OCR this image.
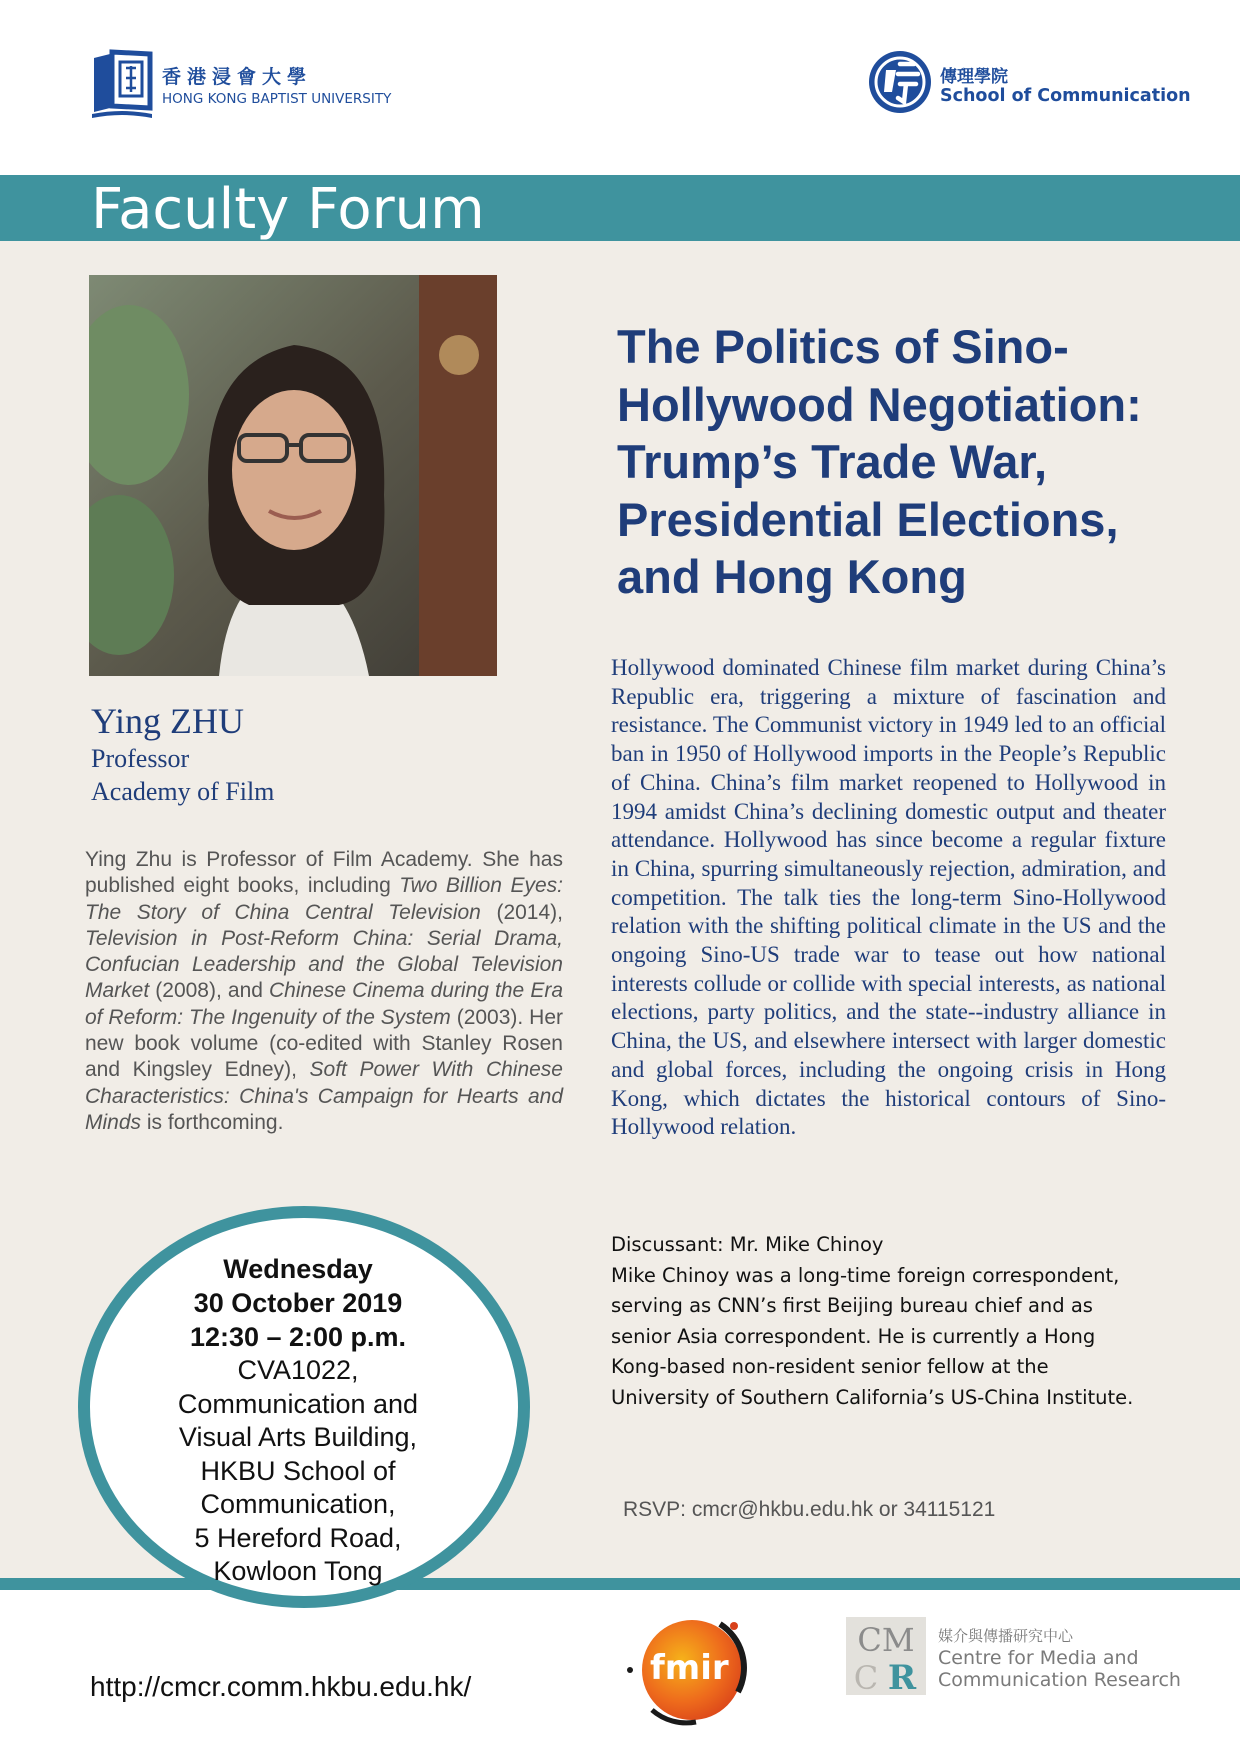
香港浸會大學
HONG KONG BAPTIST UNIVERSITY
傳理學院
School of Communication
Faculty Forum
Ying ZHU
Professor
Academy of Film

Ying Zhu is Professor of Film Academy. She has published eight books, including Two Billion Eyes: The Story of China Central Television (2014), Television in Post-Reform China: Serial Drama, Confucian Leadership and the Global Television Market (2008), and Chinese Cinema during the Era of Reform: The Ingenuity of the System (2003). Her new book volume (co-edited with Stanley Rosen and Kingsley Edney), Soft Power With Chinese Characteristics: China's Campaign for Hearts and Minds is forthcoming.

Wednesday
30 October 2019
12:30 – 2:00 p.m.
CVA1022,
Communication and
Visual Arts Building,
HKBU School of
Communication,
5 Hereford Road,
Kowloon Tong
The Politics of Sino-Hollywood Negotiation: Trump’s Trade War, Presidential Elections, and Hong Kong

Hollywood dominated Chinese film market during China’s Republic era, triggering a mixture of fascination and resistance. The Communist victory in 1949 led to an official ban in 1950 of Hollywood imports in the People’s Republic of China. China’s film market reopened to Hollywood in 1994 amidst China’s declining domestic output and theater attendance. Hollywood has since become a regular fixture in China, spurring simultaneously rejection, admiration, and competition. The talk ties the long-term Sino-Hollywood relation with the shifting political climate in the US and the ongoing Sino-US trade war to tease out how national interests collude or collide with special interests, as national elections, party politics, and the state--industry alliance in China, the US, and elsewhere intersect with larger domestic and global forces, including the ongoing crisis in Hong Kong, which dictates the historical contours of Sino-Hollywood relation.

Discussant: Mr. Mike Chinoy
Mike Chinoy was a long-time foreign correspondent,
serving as CNN’s first Beijing bureau chief and as
senior Asia correspondent. He is currently a Hong
Kong-based non-resident senior fellow at the
University of Southern California’s US-China Institute.
RSVP: cmcr@hkbu.edu.hk or 34115121
http://cmcr.comm.hkbu.edu.hk/	fmir
CM
C R
媒介與傳播研究中心
Centre for Media and
Communication Research
